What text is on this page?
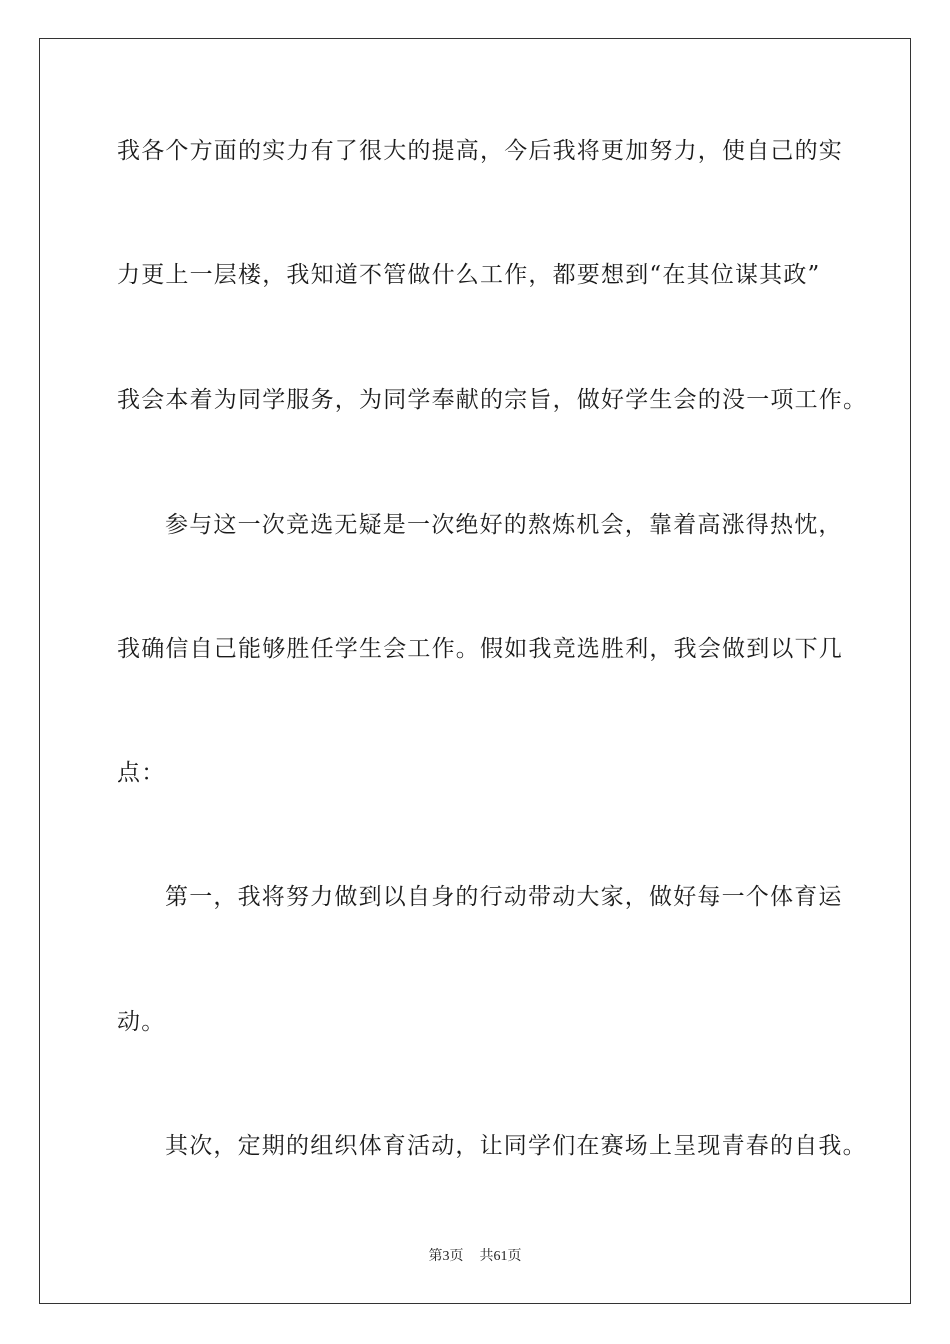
我各个方面的实力有了很大的提高，今后我将更加努力，使自己的实
力更上一层楼，我知道不管做什么工作，都要想到“在其位谋其政”
我会本着为同学服务，为同学奉献的宗旨，做好学生会的没一项工作。
参与这一次竞选无疑是一次绝好的熬炼机会，靠着高涨得热忱，
我确信自己能够胜任学生会工作。假如我竞选胜利，我会做到以下几
点：
第一，我将努力做到以自身的行动带动大家，做好每一个体育运
动。
其次，定期的组织体育活动，让同学们在赛场上呈现青春的自我。
第3页 共61页
